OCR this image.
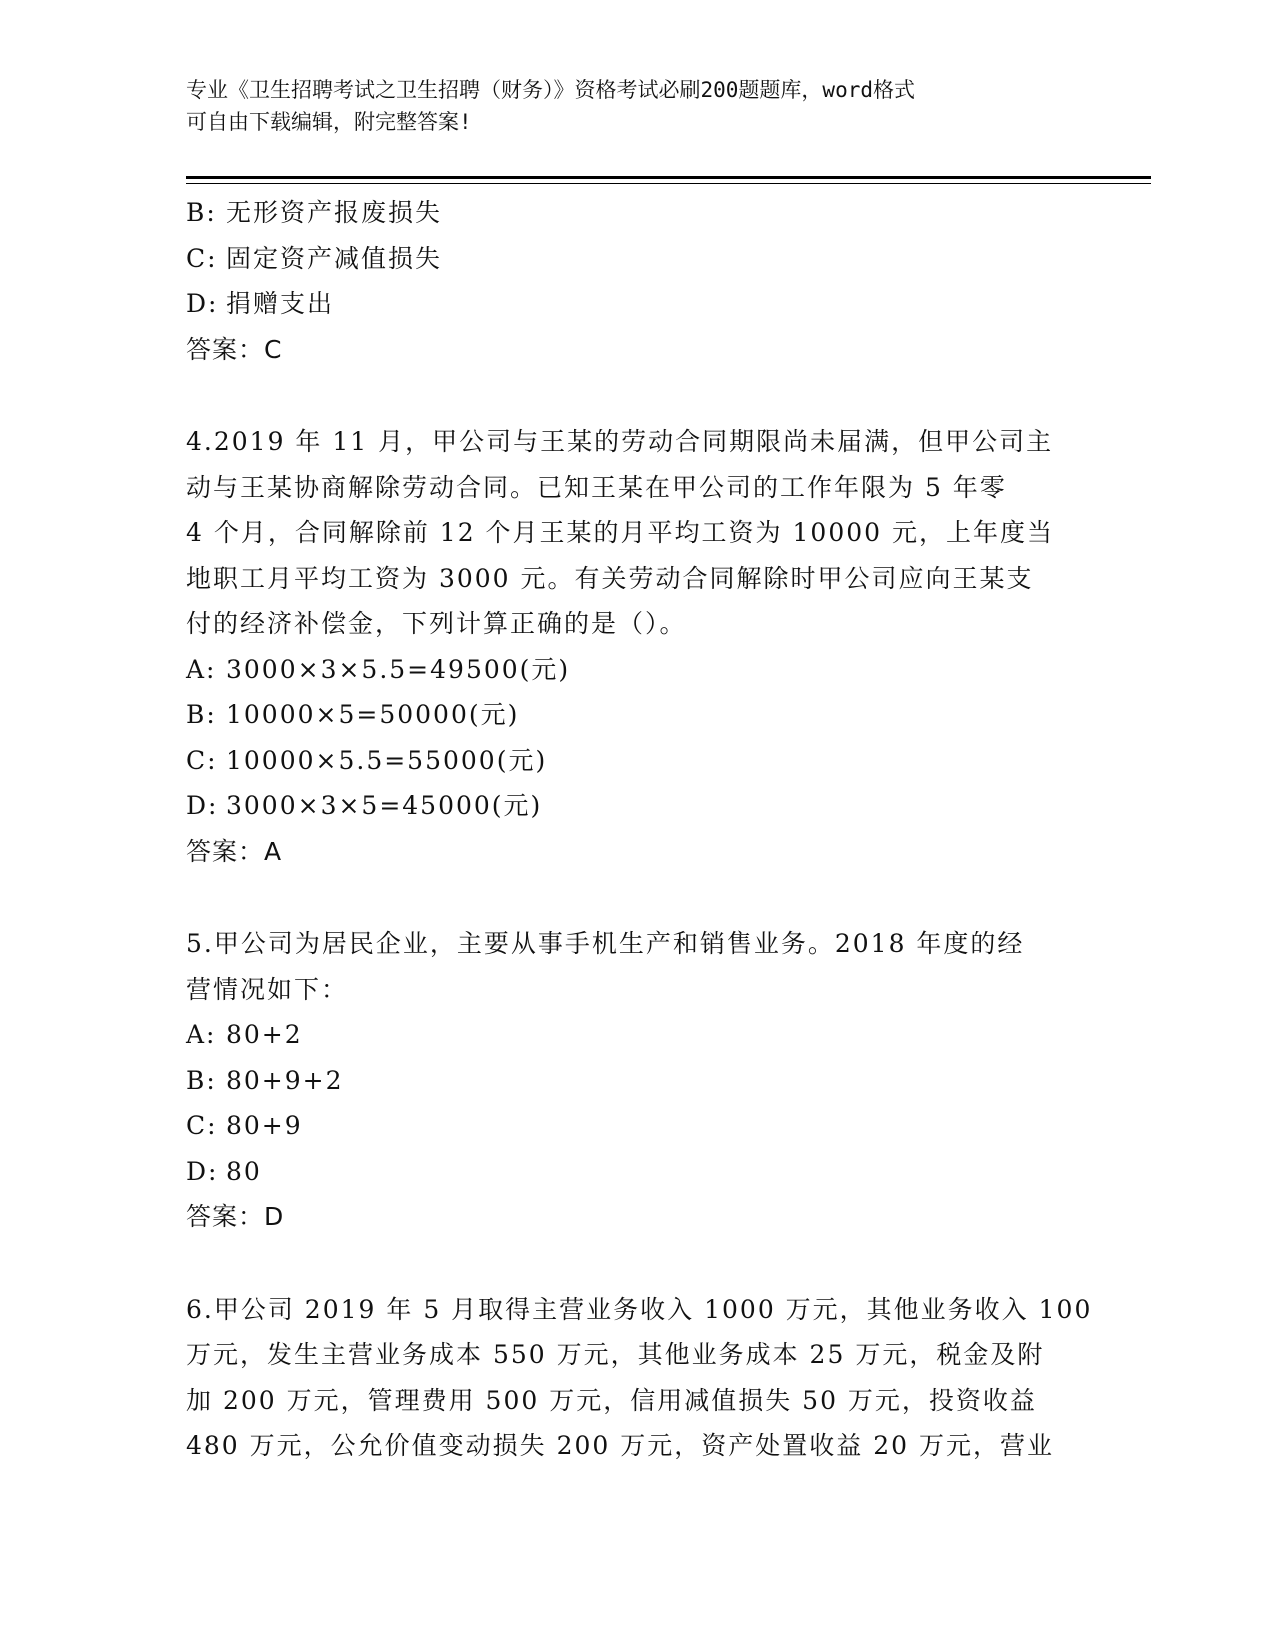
专业《卫生招聘考试之卫生招聘（财务）》资格考试必刷200题题库，word格式
可自由下载编辑，附完整答案!
B: 无形资产报废损失
C: 固定资产减值损失
D: 捐赠支出
答案：C
4.2019 年 11 月，甲公司与王某的劳动合同期限尚未届满，但甲公司主
动与王某协商解除劳动合同。已知王某在甲公司的工作年限为 5 年零
4 个月，合同解除前 12 个月王某的月平均工资为 10000 元，上年度当
地职工月平均工资为 3000 元。有关劳动合同解除时甲公司应向王某支
付的经济补偿金，下列计算正确的是（）。
A: 3000×3×5.5=49500(元)
B: 10000×5=50000(元)
C: 10000×5.5=55000(元)
D: 3000×3×5=45000(元)
答案：A
5.甲公司为居民企业，主要从事手机生产和销售业务。2018 年度的经
营情况如下：
A: 80+2
B: 80+9+2
C: 80+9
D: 80
答案：D
6.甲公司 2019 年 5 月取得主营业务收入 1000 万元，其他业务收入 100
万元，发生主营业务成本 550 万元，其他业务成本 25 万元，税金及附
加 200 万元，管理费用 500 万元，信用减值损失 50 万元，投资收益
480 万元，公允价值变动损失 200 万元，资产处置收益 20 万元，营业
